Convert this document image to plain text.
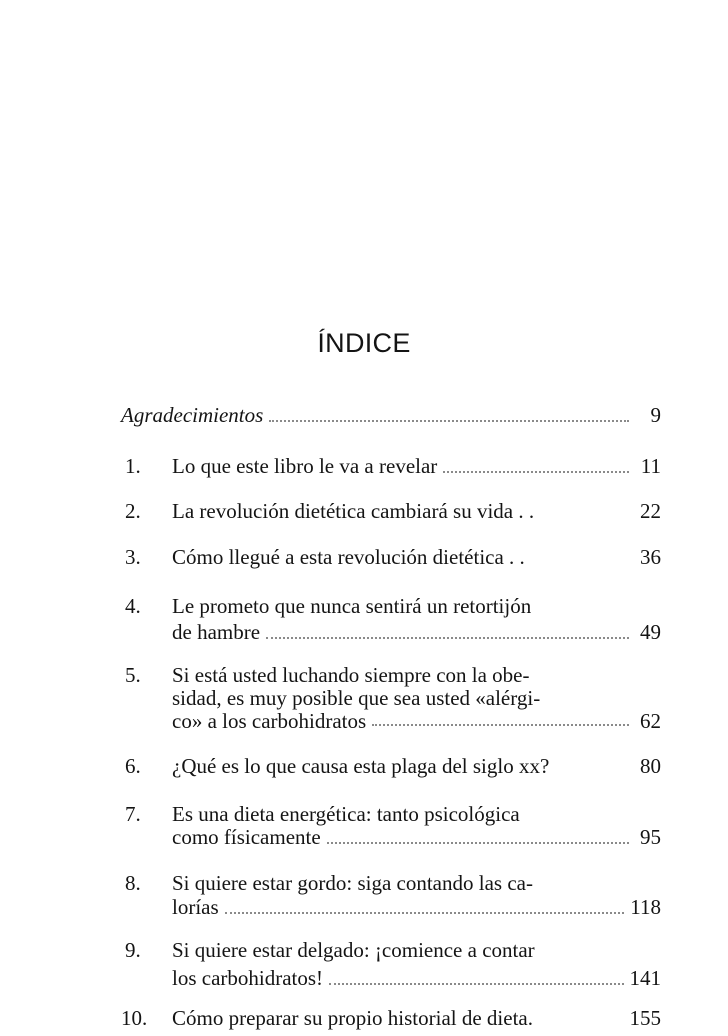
ÍNDICE
Agradecimientos	9
1.	Lo que este libro le va a revelar	11
2.	La revolución dietética cambiará su vida . .	22
3.	Cómo llegué a esta revolución dietética . .	36
4.	Le prometo que nunca sentirá un retortijón
de hambre	49
5.	Si está usted luchando siempre con la obe-
sidad, es muy posible que sea usted «alérgi-
co» a los carbohidratos	62
6.	¿Qué es lo que causa esta plaga del siglo xx?	80
7.	Es una dieta energética: tanto psicológica
como físicamente	95
8.	Si quiere estar gordo: siga contando las ca-
lorías	118
9.	Si quiere estar delgado: ¡comience a contar
los carbohidratos!	141
10.	Cómo preparar su propio historial de dieta.	155
